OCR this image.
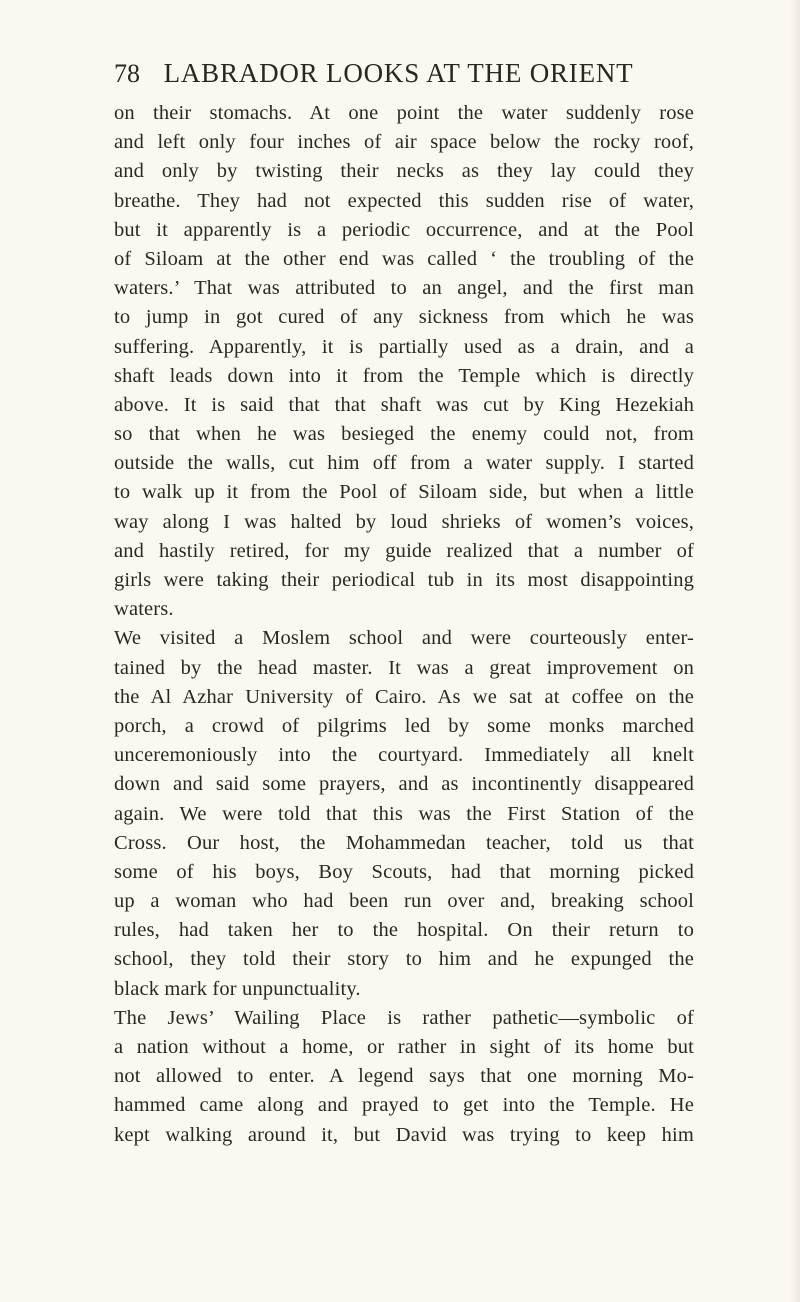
78 LABRADOR LOOKS AT THE ORIENT

on their stomachs. At one point the water suddenly rose
and left only four inches of air space below the rocky roof,
and only by twisting their necks as they lay could they
breathe. They had not expected this sudden rise of water,
but it apparently is a periodic occurrence, and at the Pool
of Siloam at the other end was called ‘ the troubling of the
waters.’ That was attributed to an angel, and the first man
to jump in got cured of any sickness from which he was
suffering. Apparently, it is partially used as a drain, and a
shaft leads down into it from the Temple which is directly
above. It is said that that shaft was cut by King Hezekiah
so that when he was besieged the enemy could not, from
outside the walls, cut him off from a water supply. I started
to walk up it from the Pool of Siloam side, but when a little
way along I was halted by loud shrieks of women’s voices,
and hastily retired, for my guide realized that a number of
girls were taking their periodical tub in its most disappointing
waters.

We visited a Moslem school and were courteously enter-
tained by the head master. It was a great improvement on
the Al Azhar University of Cairo. As we sat at coffee on the
porch, a crowd of pilgrims led by some monks marched
unceremoniously into the courtyard. Immediately all knelt
down and said some prayers, and as incontinently disappeared
again. We were told that this was the First Station of the
Cross. Our host, the Mohammedan teacher, told us that
some of his boys, Boy Scouts, had that morning picked
up a woman who had been run over and, breaking school
rules, had taken her to the hospital. On their return to
school, they told their story to him and he expunged the
black mark for unpunctuality.

The Jews’ Wailing Place is rather pathetic—symbolic of
a nation without a home, or rather in sight of its home but
not allowed to enter. A legend says that one morning Mo-
hammed came along and prayed to get into the Temple. He
kept walking around it, but David was trying to keep him
